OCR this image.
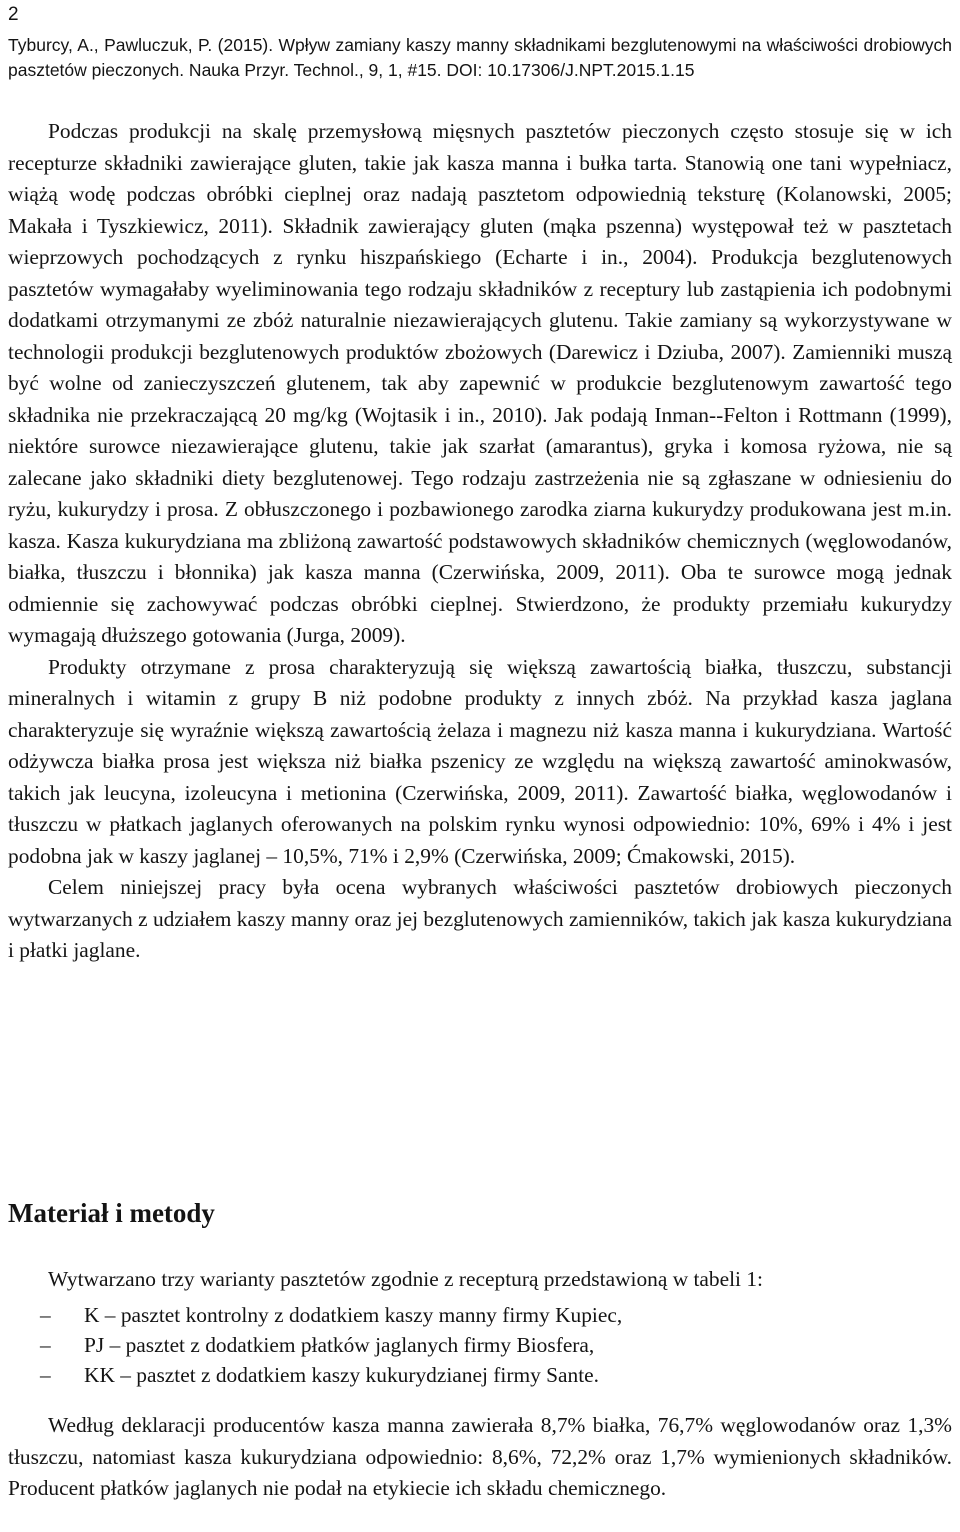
2
Tyburcy, A., Pawluczuk, P. (2015). Wpływ zamiany kaszy manny składnikami bezglutenowymi na właściwości drobiowych pasztetów pieczonych. Nauka Przyr. Technol., 9, 1, #15. DOI: 10.17306/J.NPT.2015.1.15

Podczas produkcji na skalę przemysłową mięsnych pasztetów pieczonych często stosuje się w ich recepturze składniki zawierające gluten, takie jak kasza manna i bułka tarta. Stanowią one tani wypełniacz, wiążą wodę podczas obróbki cieplnej oraz nadają pasztetom odpowiednią teksturę (Kolanowski, 2005; Makała i Tyszkiewicz, 2011). Składnik zawierający gluten (mąka pszenna) występował też w pasztetach wieprzowych pochodzących z rynku hiszpańskiego (Echarte i in., 2004). Produkcja bezglutenowych pasztetów wymagałaby wyeliminowania tego rodzaju składników z receptury lub zastąpienia ich podobnymi dodatkami otrzymanymi ze zbóż naturalnie niezawierających glutenu. Takie zamiany są wykorzystywane w technologii produkcji bezglutenowych produktów zbożowych (Darewicz i Dziuba, 2007). Zamienniki muszą być wolne od zanieczyszczeń glutenem, tak aby zapewnić w produkcie bezglutenowym zawartość tego składnika nie przekraczającą 20 mg/kg (Wojtasik i in., 2010). Jak podają Inman--Felton i Rottmann (1999), niektóre surowce niezawierające glutenu, takie jak szarłat (amarantus), gryka i komosa ryżowa, nie są zalecane jako składniki diety bezglutenowej. Tego rodzaju zastrzeżenia nie są zgłaszane w odniesieniu do ryżu, kukurydzy i prosa. Z obłuszczonego i pozbawionego zarodka ziarna kukurydzy produkowana jest m.in. kasza. Kasza kukurydziana ma zbliżoną zawartość podstawowych składników chemicznych (węglowodanów, białka, tłuszczu i błonnika) jak kasza manna (Czerwińska, 2009, 2011). Oba te surowce mogą jednak odmiennie się zachowywać podczas obróbki cieplnej. Stwierdzono, że produkty przemiału kukurydzy wymagają dłuższego gotowania (Jurga, 2009).

Produkty otrzymane z prosa charakteryzują się większą zawartością białka, tłuszczu, substancji mineralnych i witamin z grupy B niż podobne produkty z innych zbóż. Na przykład kasza jaglana charakteryzuje się wyraźnie większą zawartością żelaza i magnezu niż kasza manna i kukurydziana. Wartość odżywcza białka prosa jest większa niż białka pszenicy ze względu na większą zawartość aminokwasów, takich jak leucyna, izoleucyna i metionina (Czerwińska, 2009, 2011). Zawartość białka, węglowodanów i tłuszczu w płatkach jaglanych oferowanych na polskim rynku wynosi odpowiednio: 10%, 69% i 4% i jest podobna jak w kaszy jaglanej – 10,5%, 71% i 2,9% (Czerwińska, 2009; Ćmakowski, 2015).

Celem niniejszej pracy była ocena wybranych właściwości pasztetów drobiowych pieczonych wytwarzanych z udziałem kaszy manny oraz jej bezglutenowych zamienników, takich jak kasza kukurydziana i płatki jaglane.

Materiał i metody

Wytwarzano trzy warianty pasztetów zgodnie z recepturą przedstawioną w tabeli 1:

– K – pasztet kontrolny z dodatkiem kaszy manny firmy Kupiec,
– PJ – pasztet z dodatkiem płatków jaglanych firmy Biosfera,
– KK – pasztet z dodatkiem kaszy kukurydzianej firmy Sante.

Według deklaracji producentów kasza manna zawierała 8,7% białka, 76,7% węglowodanów oraz 1,3% tłuszczu, natomiast kasza kukurydziana odpowiednio: 8,6%, 72,2% oraz 1,7% wymienionych składników. Producent płatków jaglanych nie podał na etykiecie ich składu chemicznego.
